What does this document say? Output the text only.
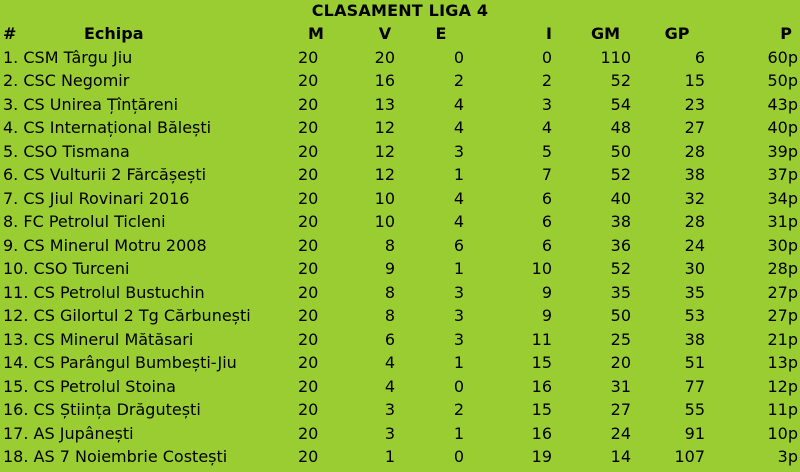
CLASAMENT LIGA 4
#	Echipa	M	V	E	I	GM	GP	P
1. CSM Târgu Jiu		20	20	0	0	110	6	60p
2. CSC Negomir		20	16	2	2	52	15	50p
3. CS Unirea Țînțăreni		20	13	4	3	54	23	43p
4. CS Internațional Bălești		20	12	4	4	48	27	40p
5. CSO Tismana		20	12	3	5	50	28	39p
6. CS Vulturii 2 Fărcășești		20	12	1	7	52	38	37p
7. CS Jiul Rovinari 2016		20	10	4	6	40	32	34p
8. FC Petrolul Ticleni		20	10	4	6	38	28	31p
9. CS Minerul Motru 2008		20	8	6	6	36	24	30p
10. CSO Turceni		20	9	1	10	52	30	28p
11. CS Petrolul Bustuchin		20	8	3	9	35	35	27p
12. CS Gilortul 2 Tg Cărbunești		20	8	3	9	50	53	27p
13. CS Minerul Mătăsari		20	6	3	11	25	38	21p
14. CS Parângul Bumbești-Jiu		20	4	1	15	20	51	13p
15. CS Petrolul Stoina		20	4	0	16	31	77	12p
16. CS Știința Drăgutești		20	3	2	15	27	55	11p
17. AS Jupânești		20	3	1	16	24	91	10p
18. AS 7 Noiembrie Costești		20	1	0	19	14	107	3p
